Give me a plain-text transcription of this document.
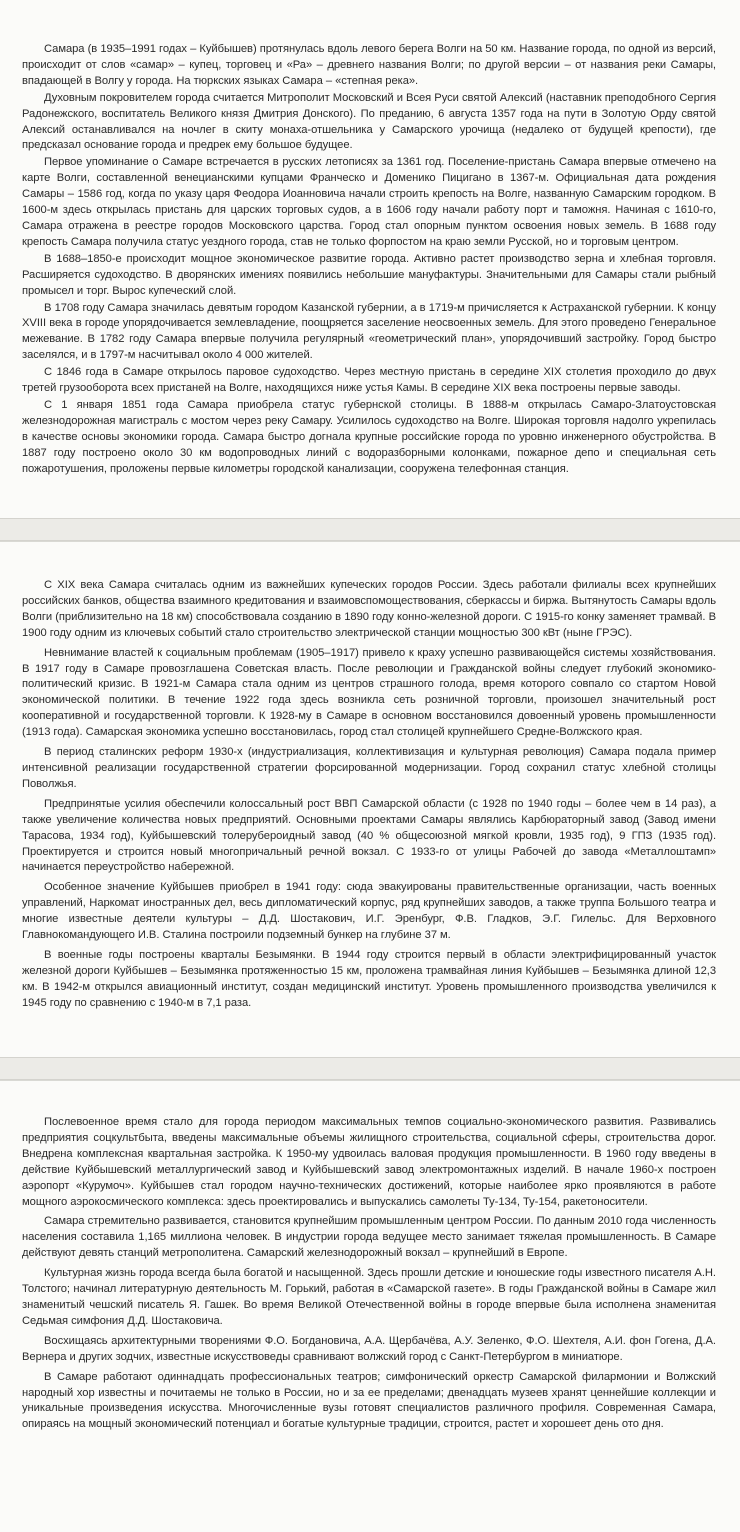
Самара (в 1935–1991 годах – Куйбышев) протянулась вдоль левого берега Волги на 50 км. Название города, по одной из версий, происходит от слов «самар» – купец, торговец и «Ра» – древнего названия Волги; по другой версии – от названия реки Самары, впадающей в Волгу у города. На тюркских языках Самара – «степная река».

Духовным покровителем города считается Митрополит Московский и Всея Руси святой Алексий (наставник преподобного Сергия Радонежского, воспитатель Великого князя Дмитрия Донского). По преданию, 6 августа 1357 года на пути в Золотую Орду святой Алексий останавливался на ночлег в скиту монаха-отшельника у Самарского урочища (недалеко от будущей крепости), где предсказал основание города и предрек ему большое будущее.

Первое упоминание о Самаре встречается в русских летописях за 1361 год. Поселение-пристань Самара впервые отмечено на карте Волги, составленной венецианскими купцами Франческо и Доменико Пицигано в 1367-м. Официальная дата рождения Самары – 1586 год, когда по указу царя Феодора Иоанновича начали строить крепость на Волге, названную Самарским городком. В 1600-м здесь открылась пристань для царских торговых судов, а в 1606 году начали работу порт и таможня. Начиная с 1610-го, Самара отражена в реестре городов Московского царства. Город стал опорным пунктом освоения новых земель. В 1688 году крепость Самара получила статус уездного города, став не только форпостом на краю земли Русской, но и торговым центром.

В 1688–1850-е происходит мощное экономическое развитие города. Активно растет производство зерна и хлебная торговля. Расширяется судоходство. В дворянских имениях появились небольшие мануфактуры. Значительными для Самары стали рыбный промысел и торг. Вырос купеческий слой.

В 1708 году Самара значилась девятым городом Казанской губернии, а в 1719-м причисляется к Астраханской губернии. К концу XVIII века в городе упорядочивается землевладение, поощряется заселение неосвоенных земель. Для этого проведено Генеральное межевание. В 1782 году Самара впервые получила регулярный «геометрический план», упорядочивший застройку. Город быстро заселялся, и в 1797-м насчитывал около 4 000 жителей.

С 1846 года в Самаре открылось паровое судоходство. Через местную пристань в середине XIX столетия проходило до двух третей грузооборота всех пристаней на Волге, находящихся ниже устья Камы. В середине XIX века построены первые заводы.

С 1 января 1851 года Самара приобрела статус губернской столицы. В 1888-м открылась Самаро-Златоустовская железнодорожная магистраль с мостом через реку Самару. Усилилось судоходство на Волге. Широкая торговля надолго укрепилась в качестве основы экономики города. Самара быстро догнала крупные российские города по уровню инженерного обустройства. В 1887 году построено около 30 км водопроводных линий с водоразборными колонками, пожарное депо и специальная сеть пожаротушения, проложены первые километры городской канализации, сооружена телефонная станция.

С XIX века Самара считалась одним из важнейших купеческих городов России. Здесь работали филиалы всех крупнейших российских банков, общества взаимного кредитования и взаимовспомоществования, сберкассы и биржа. Вытянутость Самары вдоль Волги (приблизительно на 18 км) способствовала созданию в 1890 году конно-железной дороги. С 1915-го конку заменяет трамвай. В 1900 году одним из ключевых событий стало строительство электрической станции мощностью 300 кВт (ныне ГРЭС).

Невнимание властей к социальным проблемам (1905–1917) привело к краху успешно развивающейся системы хозяйствования. В 1917 году в Самаре провозглашена Советская власть. После революции и Гражданской войны следует глубокий экономико-политический кризис. В 1921-м Самара стала одним из центров страшного голода, время которого совпало со стартом Новой экономической политики. В течение 1922 года здесь возникла сеть розничной торговли, произошел значительный рост кооперативной и государственной торговли. К 1928-му в Самаре в основном восстановился довоенный уровень промышленности (1913 года). Самарская экономика успешно восстановилась, город стал столицей крупнейшего Средне-Волжского края.

В период сталинских реформ 1930-х (индустриализация, коллективизация и культурная революция) Самара подала пример интенсивной реализации государственной стратегии форсированной модернизации. Город сохранил статус хлебной столицы Поволжья.

Предпринятые усилия обеспечили колоссальный рост ВВП Самарской области (с 1928 по 1940 годы – более чем в 14 раз), а также увеличение количества новых предприятий. Основными проектами Самары являлись Карбюраторный завод (Завод имени Тарасова, 1934 год), Куйбышевский толерубероидный завод (40 % общесоюзной мягкой кровли, 1935 год), 9 ГПЗ (1935 год). Проектируется и строится новый многопричальный речной вокзал. С 1933-го от улицы Рабочей до завода «Металлоштамп» начинается переустройство набережной.

Особенное значение Куйбышев приобрел в 1941 году: сюда эвакуированы правительственные организации, часть военных управлений, Наркомат иностранных дел, весь дипломатический корпус, ряд крупнейших заводов, а также труппа Большого театра и многие известные деятели культуры – Д.Д. Шостакович, И.Г. Эренбург, Ф.В. Гладков, Э.Г. Гилельс. Для Верховного Главнокомандующего И.В. Сталина построили подземный бункер на глубине 37 м.

В военные годы построены кварталы Безымянки. В 1944 году строится первый в области электрифицированный участок железной дороги Куйбышев – Безымянка протяженностью 15 км, проложена трамвайная линия Куйбышев – Безымянка длиной 12,3 км. В 1942-м открылся авиационный институт, создан медицинский институт. Уровень промышленного производства увеличился к 1945 году по сравнению с 1940-м в 7,1 раза.

Послевоенное время стало для города периодом максимальных темпов социально-экономического развития. Развивались предприятия соцкультбыта, введены максимальные объемы жилищного строительства, социальной сферы, строительства дорог. Внедрена комплексная квартальная застройка. К 1950-му удвоилась валовая продукция промышленности. В 1960 году введены в действие Куйбышевский металлургический завод и Куйбышевский завод электромонтажных изделий. В начале 1960-х построен аэропорт «Курумоч». Куйбышев стал городом научно-технических достижений, которые наиболее ярко проявляются в работе мощного аэрокосмического комплекса: здесь проектировались и выпускались самолеты Ту-134, Ту-154, ракетоносители.

Самара стремительно развивается, становится крупнейшим промышленным центром России. По данным 2010 года численность населения составила 1,165 миллиона человек. В индустрии города ведущее место занимает тяжелая промышленность. В Самаре действуют девять станций метрополитена. Самарский железнодорожный вокзал – крупнейший в Европе.

Культурная жизнь города всегда была богатой и насыщенной. Здесь прошли детские и юношеские годы известного писателя А.Н. Толстого; начинал литературную деятельность М. Горький, работая в «Самарской газете». В годы Гражданской войны в Самаре жил знаменитый чешский писатель Я. Гашек. Во время Великой Отечественной войны в городе впервые была исполнена знаменитая Седьмая симфония Д.Д. Шостаковича.

Восхищаясь архитектурными творениями Ф.О. Богдановича, А.А. Щербачёва, А.У. Зеленко, Ф.О. Шехтеля, А.И. фон Гогена, Д.А. Вернера и других зодчих, известные искусствоведы сравнивают волжский город с Санкт-Петербургом в миниатюре.

В Самаре работают одиннадцать профессиональных театров; симфонический оркестр Самарской филармонии и Волжский народный хор известны и почитаемы не только в России, но и за ее пределами; двенадцать музеев хранят ценнейшие коллекции и уникальные произведения искусства. Многочисленные вузы готовят специалистов различного профиля. Современная Самара, опираясь на мощный экономический потенциал и богатые культурные традиции, строится, растет и хорошеет день ото дня.
